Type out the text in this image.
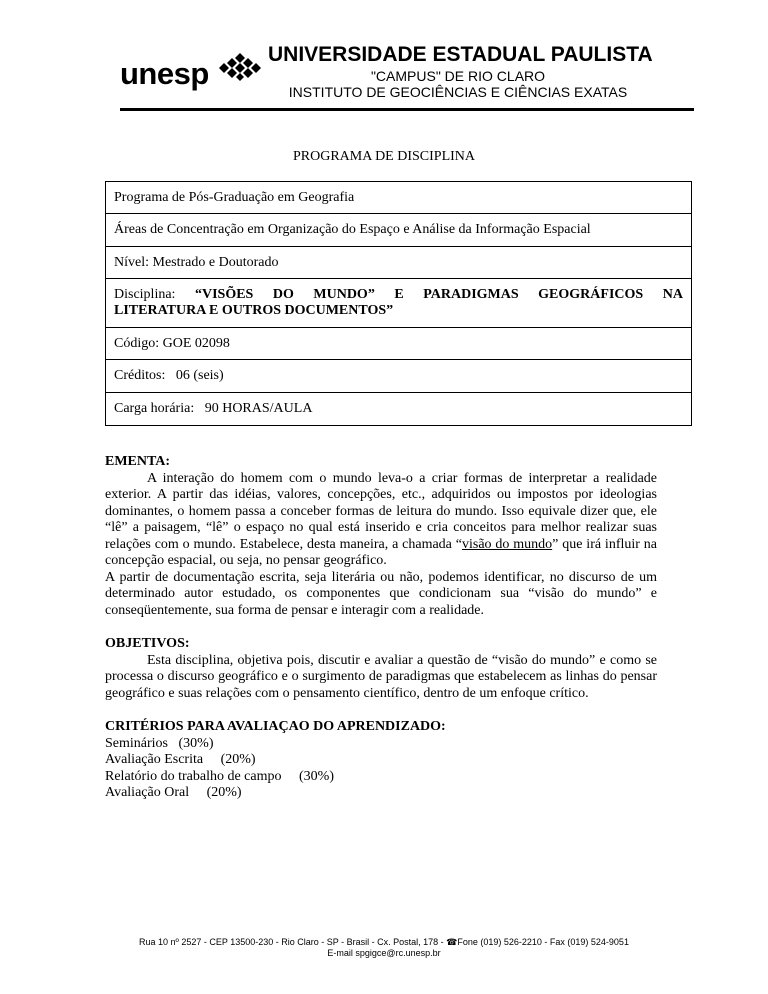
unesp
UNIVERSIDADE ESTADUAL PAULISTA
"CAMPUS" DE RIO CLARO
INSTITUTO DE GEOCIÊNCIAS E CIÊNCIAS EXATAS
PROGRAMA DE DISCIPLINA
Programa de Pós-Graduação em Geografia
Áreas de Concentração em Organização do Espaço e Análise da Informação Espacial
Nível: Mestrado e Doutorado
Disciplina: “VISÕES DO MUNDO” E PARADIGMAS GEOGRÁFICOS NA
LITERATURA E OUTROS DOCUMENTOS”
Código: GOE 02098
Créditos:   06 (seis)
Carga horária:   90 HORAS/AULA
EMENTA:

A interação do homem com o mundo leva-o a criar formas de interpretar a realidade exterior. A partir das idéias, valores, concepções, etc., adquiridos ou impostos por ideologias dominantes, o homem passa a conceber formas de leitura do mundo. Isso equivale dizer que, ele “lê” a paisagem, “lê” o espaço no qual está inserido e cria conceitos para melhor realizar suas relações com o mundo. Estabelece, desta maneira, a chamada “visão do mundo” que irá influir na concepção espacial, ou seja, no pensar geográfico.

A partir de documentação escrita, seja literária ou não, podemos identificar, no discurso de um determinado autor estudado, os componentes que condicionam sua “visão do mundo” e conseqüentemente, sua forma de pensar e interagir com a realidade.

OBJETIVOS:

Esta disciplina, objetiva pois, discutir e avaliar a questão de “visão do mundo” e como se processa o discurso geográfico e o surgimento de paradigmas que estabelecem as linhas do pensar geográfico e suas relações com o pensamento científico, dentro de um enfoque crítico.

CRITÉRIOS PARA AVALIAÇAO DO APRENDIZADO:
Seminários   (30%)
Avaliação Escrita     (20%)
Relatório do trabalho de campo     (30%)
Avaliação Oral     (20%)
Rua 10 nº 2527 - CEP 13500-230 - Rio Claro - SP - Brasil - Cx. Postal, 178 - ☎Fone (019) 526-2210 - Fax (019) 524-9051
E-mail spgigce@rc.unesp.br
